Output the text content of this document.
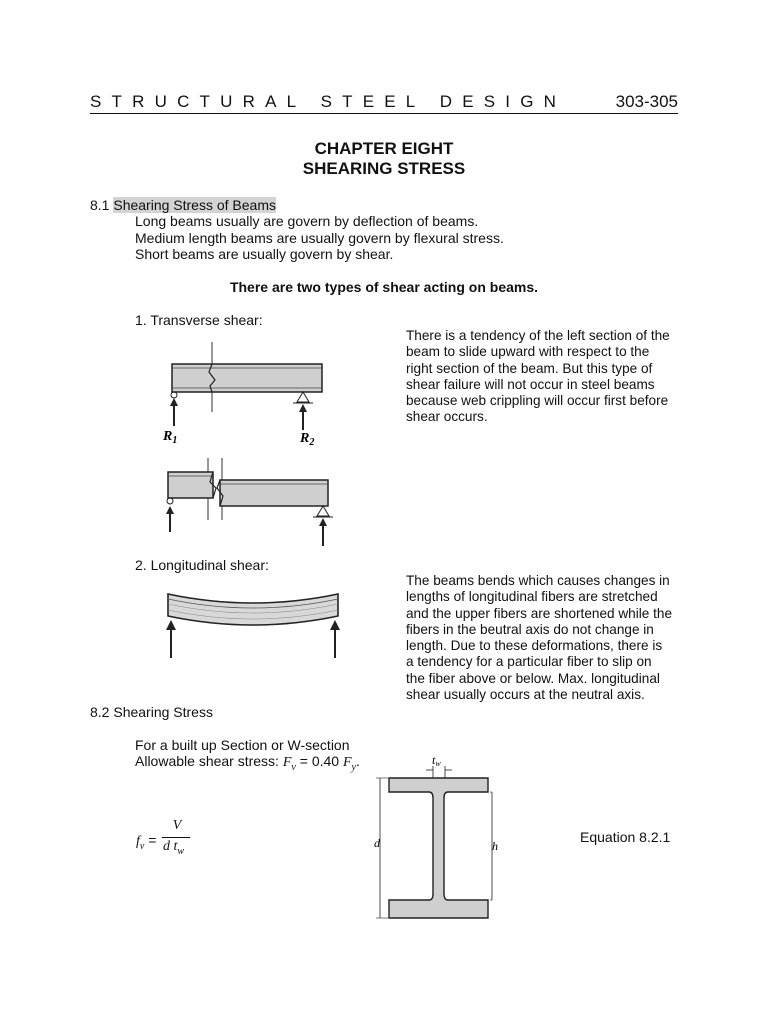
STRUCTURAL STEEL DESIGN	303-305
CHAPTER EIGHT
SHEARING STRESS
8.1 Shearing Stress of Beams
Long beams usually are govern by deflection of beams.
Medium length beams are usually govern by flexural stress.
Short beams are usually govern by shear.
There are two types of shear acting on beams.
1. Transverse shear:
There is a tendency of the left section of the
beam to slide upward with respect to the
right section of the beam. But this type of
shear failure will not occur in steel beams
because web crippling will occur first before
shear occurs.
$R_1$	$R_2$
2. Longitudinal shear:
The beams bends which causes changes in
lengths of longitudinal fibers are stretched
and the upper fibers are shortened while the
fibers in the beutral axis do not change in
length. Due to these deformations, there is
a tendency for a particular fiber to slip on
the fiber above or below. Max. longitudinal
shear usually occurs at the neutral axis.
8.2 Shearing Stress
For a built up Section or W-section
Allowable shear stress: $F_v = 0.40$ $F_y$.
$f_v$ =
V
d $t_w$
Equation 8.2.1
tw
d	h
